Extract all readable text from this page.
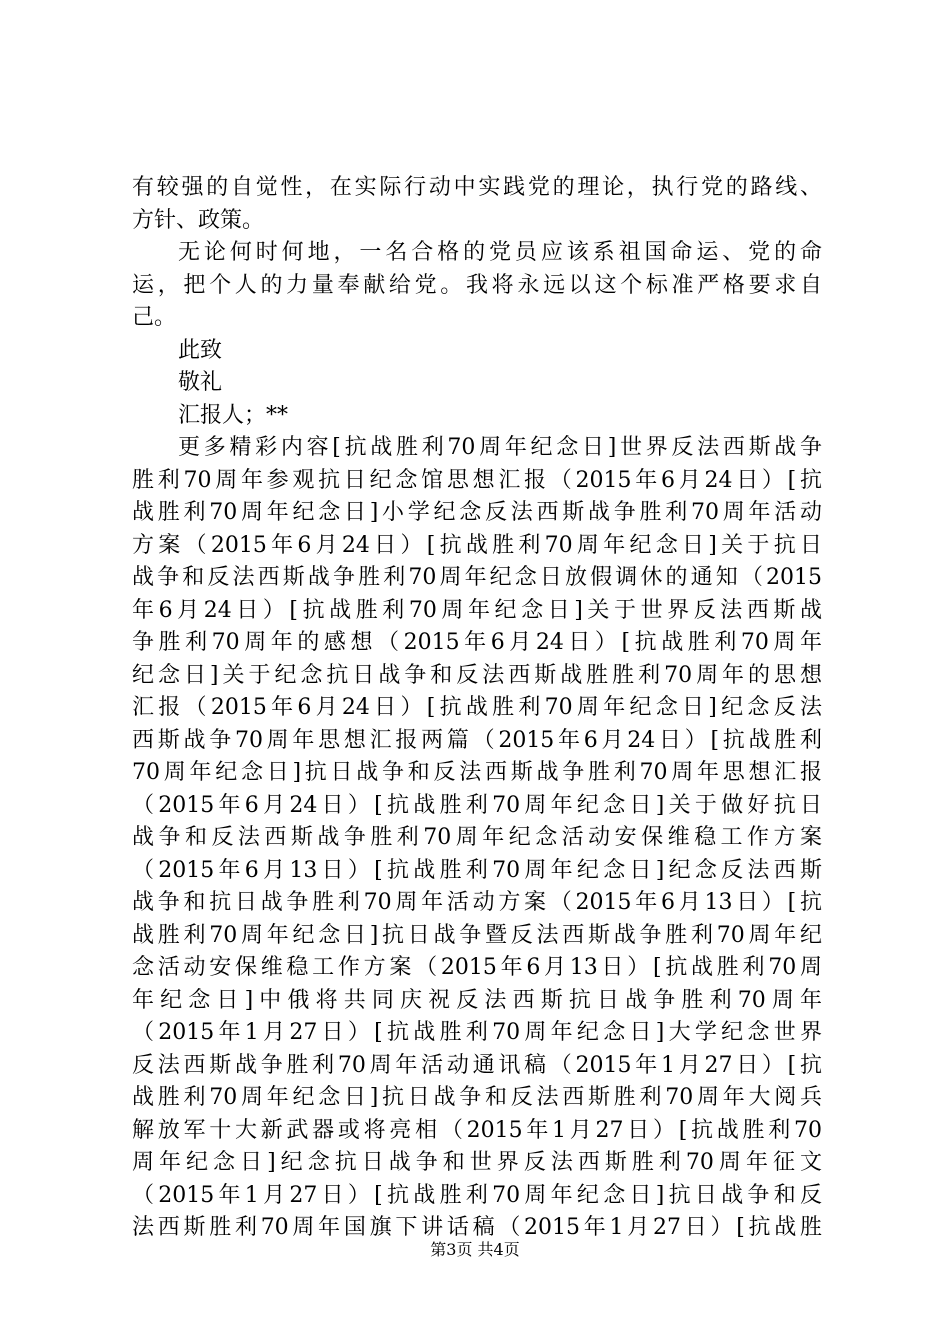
有较强的自觉性，在实际行动中实践党的理论，执行党的路线、
方针、政策。
无论何时何地，一名合格的党员应该系祖国命运、党的命
运，把个人的力量奉献给党。我将永远以这个标准严格要求自
己。
此致
敬礼
汇报人；**
更多精彩内容[抗战胜利70周年纪念日]世界反法西斯战争
胜利70周年参观抗日纪念馆思想汇报（2015年6月24日）[抗
战胜利70周年纪念日]小学纪念反法西斯战争胜利70周年活动
方案（2015年6月24日）[抗战胜利70周年纪念日]关于抗日
战争和反法西斯战争胜利70周年纪念日放假调休的通知（2015
年6月24日）[抗战胜利70周年纪念日]关于世界反法西斯战
争胜利70周年的感想（2015年6月24日）[抗战胜利70周年
纪念日]关于纪念抗日战争和反法西斯战胜胜利70周年的思想
汇报（2015年6月24日）[抗战胜利70周年纪念日]纪念反法
西斯战争70周年思想汇报两篇（2015年6月24日）[抗战胜利
70周年纪念日]抗日战争和反法西斯战争胜利70周年思想汇报
（2015年6月24日）[抗战胜利70周年纪念日]关于做好抗日
战争和反法西斯战争胜利70周年纪念活动安保维稳工作方案
（2015年6月13日）[抗战胜利70周年纪念日]纪念反法西斯
战争和抗日战争胜利70周年活动方案（2015年6月13日）[抗
战胜利70周年纪念日]抗日战争暨反法西斯战争胜利70周年纪
念活动安保维稳工作方案（2015年6月13日）[抗战胜利70周
年纪念日]中俄将共同庆祝反法西斯抗日战争胜利70周年
（2015年1月27日）[抗战胜利70周年纪念日]大学纪念世界
反法西斯战争胜利70周年活动通讯稿（2015年1月27日）[抗
战胜利70周年纪念日]抗日战争和反法西斯胜利70周年大阅兵
解放军十大新武器或将亮相（2015年1月27日）[抗战胜利70
周年纪念日]纪念抗日战争和世界反法西斯胜利70周年征文
（2015年1月27日）[抗战胜利70周年纪念日]抗日战争和反
法西斯胜利70周年国旗下讲话稿（2015年1月27日）[抗战胜
第3页 共4页
